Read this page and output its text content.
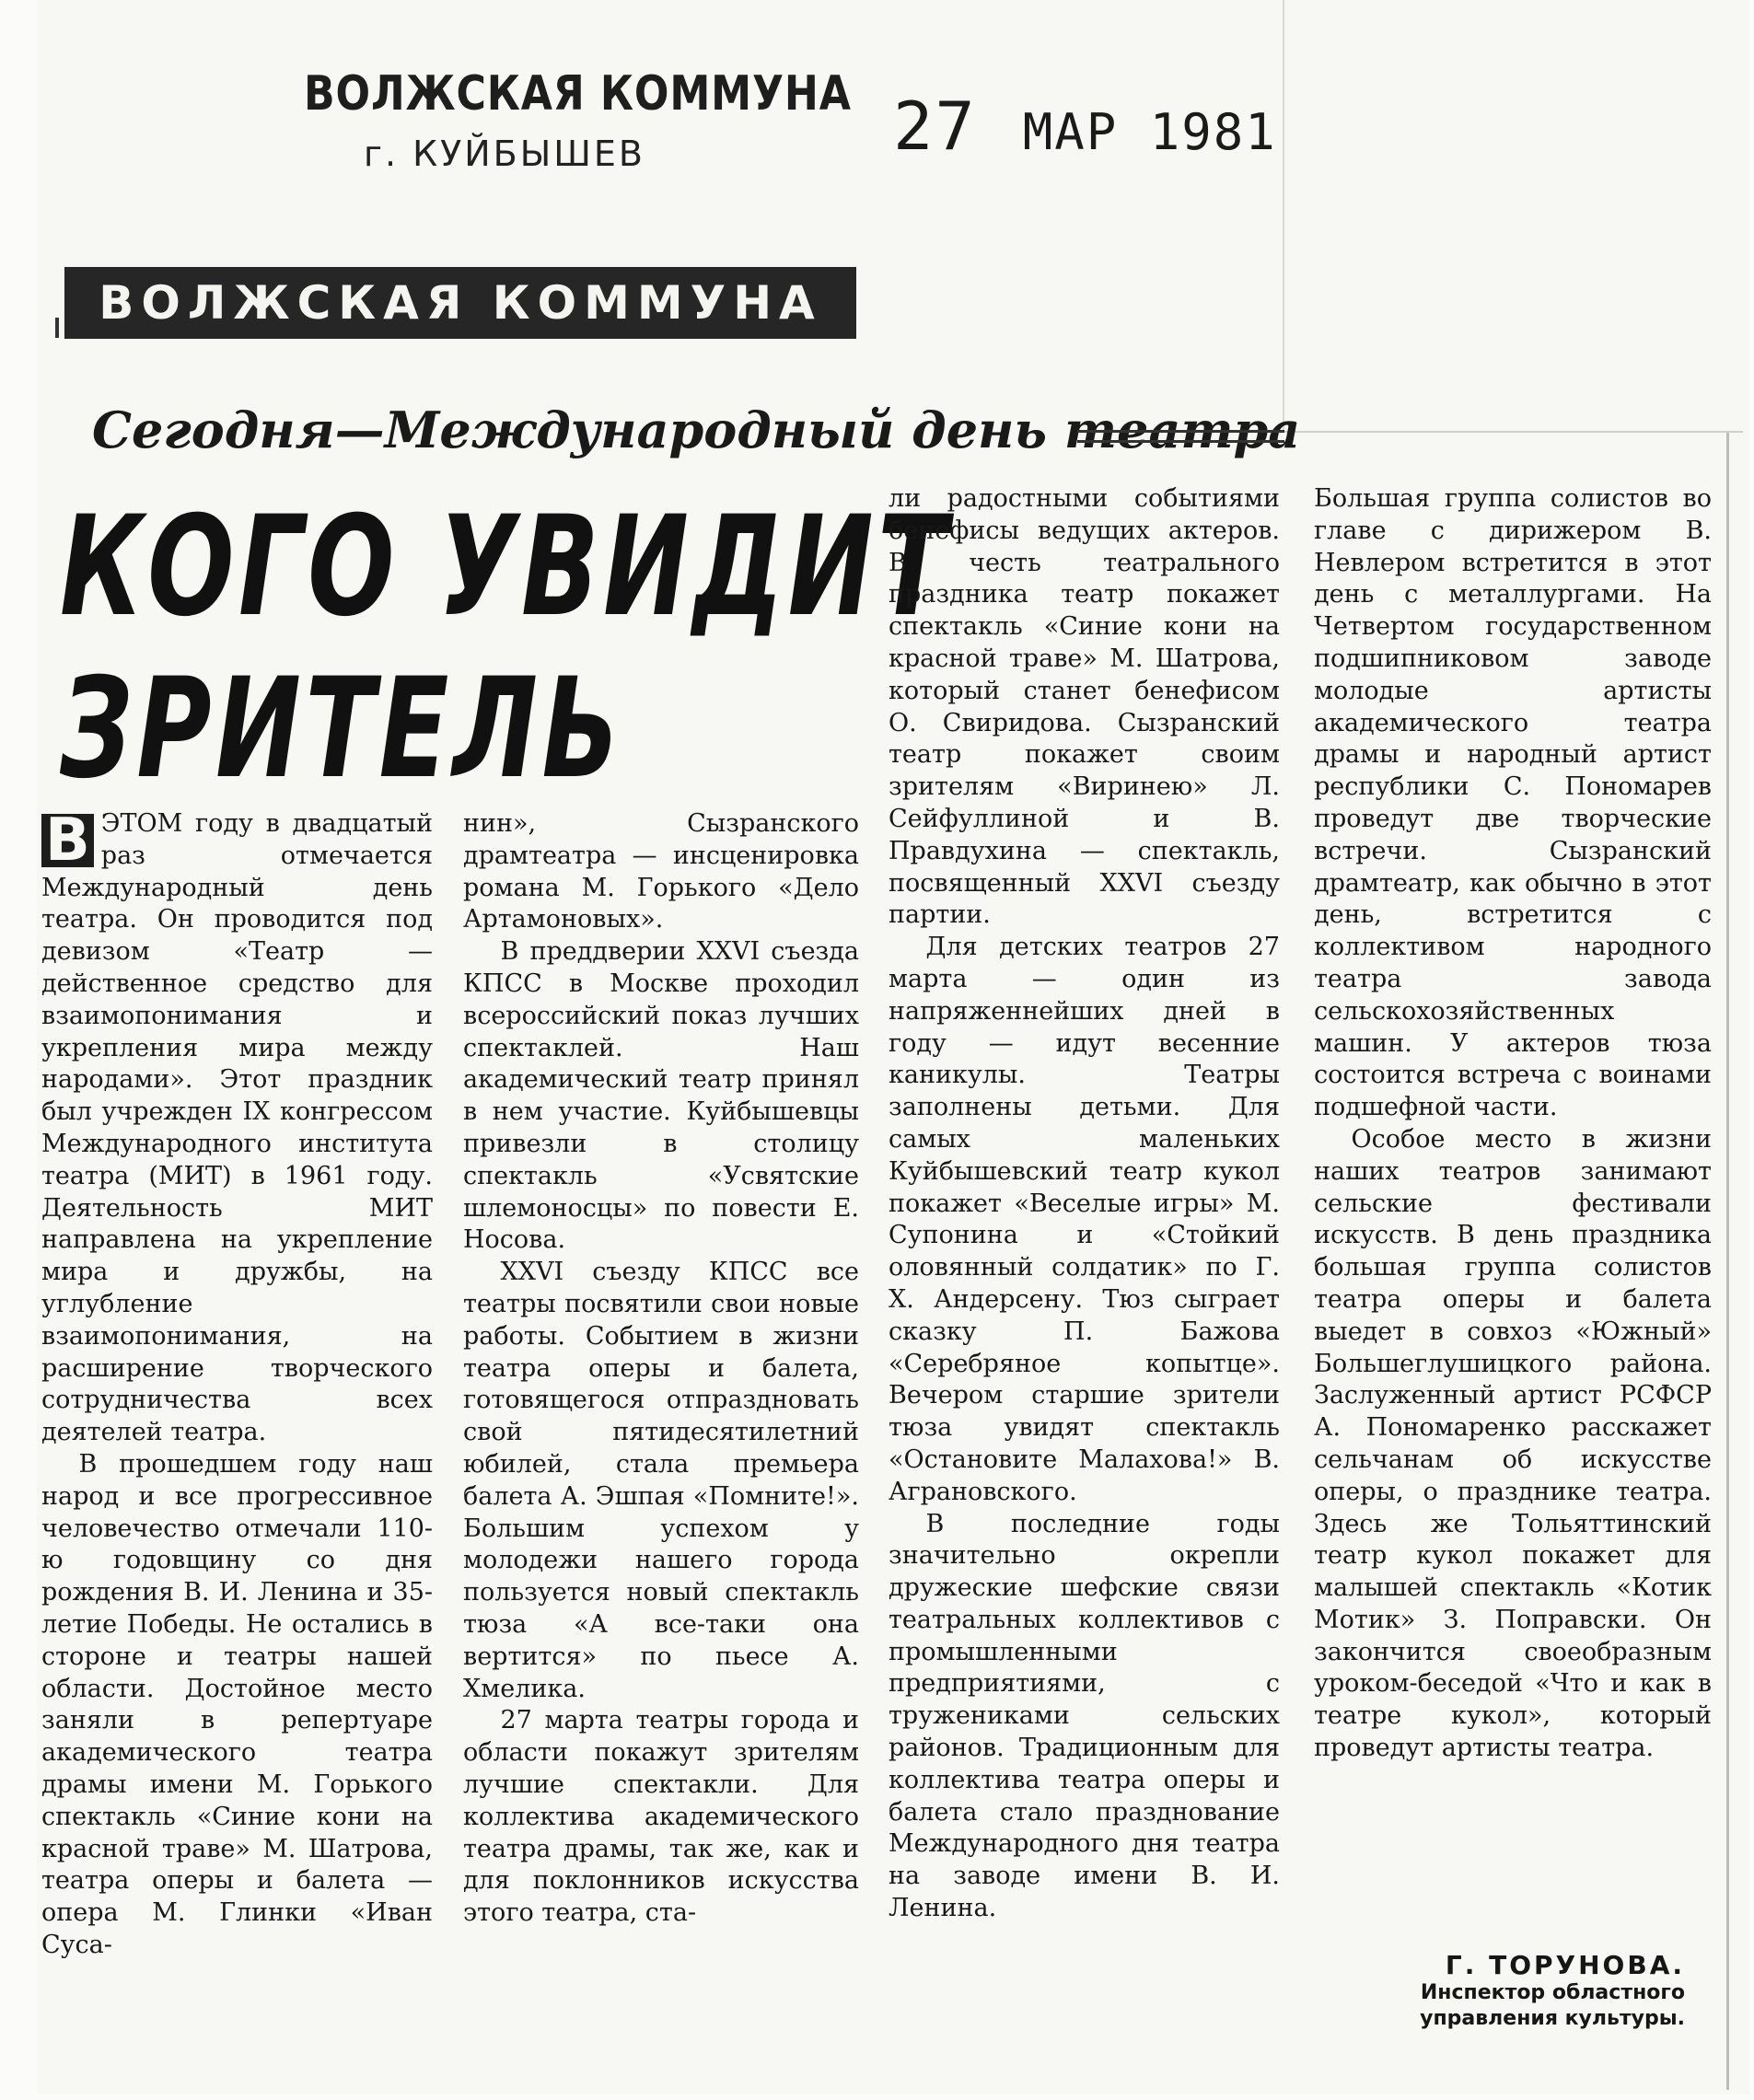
ВОЛЖСКАЯ КОММУНА
г. КУЙБЫШЕВ	27 МАР 1981
ВОЛЖСКАЯ КОММУНА
Сегодня—Международный день театра
КОГО УВИДИТ
ЗРИТЕЛЬ

В ЭТОМ году в двадцатый раз отмечается Международный день театра. Он проводится под девизом «Театр — действенное средство для взаимопонимания и укрепления мира между народами». Этот праздник был учрежден IX конгрессом Международного института театра (МИТ) в 1961 году. Деятельность МИТ направлена на укрепление мира и дружбы, на углубление взаимопонимания, на расширение творческого сотрудничества всех деятелей театра.

В прошедшем году наш народ и все прогрессивное человечество отмечали 110-ю годовщину со дня рождения В. И. Ленина и 35-летие Победы. Не остались в стороне и театры нашей области. Достойное место заняли в репертуаре академического театра драмы имени М. Горького спектакль «Синие кони на красной траве» М. Шатрова, театра оперы и балета — опера М. Глинки «Иван Суса-

нин», Сызранского драмтеатра — инсценировка романа М. Горького «Дело Артамоновых».

В преддверии XXVI съезда КПСС в Москве проходил всероссийский показ лучших спектаклей. Наш академический театр принял в нем участие. Куйбышевцы привезли в столицу спектакль «Усвятские шлемоносцы» по повести Е. Носова.

XXVI съезду КПСС все театры посвятили свои новые работы. Событием в жизни театра оперы и балета, готовящегося отпраздновать свой пятидесятилетний юбилей, стала премьера балета А. Эшпая «Помните!». Большим успехом у молодежи нашего города пользуется новый спектакль тюза «А все-таки она вертится» по пьесе А. Хмелика.

27 марта театры города и области покажут зрителям лучшие спектакли. Для коллектива академического театра драмы, так же, как и для поклонников искусства этого театра, ста-

ли радостными событиями бенефисы ведущих актеров. В честь театрального праздника театр покажет спектакль «Синие кони на красной траве» М. Шатрова, который станет бенефисом О. Свиридова. Сызранский театр покажет своим зрителям «Виринею» Л. Сейфуллиной и В. Правдухина — спектакль, посвященный XXVI съезду партии.

Для детских театров 27 марта — один из напряженнейших дней в году — идут весенние каникулы. Театры заполнены детьми. Для самых маленьких Куйбышевский театр кукол покажет «Веселые игры» М. Супонина и «Стойкий оловянный солдатик» по Г. Х. Андерсену. Тюз сыграет сказку П. Бажова «Серебряное копытце». Вечером старшие зрители тюза увидят спектакль «Остановите Малахова!» В. Аграновского.

В последние годы значительно окрепли дружеские шефские связи театральных коллективов с промышленными предприятиями, с тружениками сельских районов. Традиционным для коллектива театра оперы и балета стало празднование Международного дня театра на заводе имени В. И. Ленина.

Большая группа солистов во главе с дирижером В. Невлером встретится в этот день с металлургами. На Четвертом государственном подшипниковом заводе молодые артисты академического театра драмы и народный артист республики С. Пономарев проведут две творческие встречи. Сызранский драмтеатр, как обычно в этот день, встретится с коллективом народного театра завода сельскохозяйственных машин. У актеров тюза состоится встреча с воинами подшефной части.

Особое место в жизни наших театров занимают сельские фестивали искусств. В день праздника большая группа солистов театра оперы и балета выедет в совхоз «Южный» Большеглушицкого района. Заслуженный артист РСФСР А. Пономаренко расскажет сельчанам об искусстве оперы, о празднике театра. Здесь же Тольяттинский театр кукол покажет для малышей спектакль «Котик Мотик» З. Поправски. Он закончится своеобразным уроком-беседой «Что и как в театре кукол», который проведут артисты театра.

Г. ТОРУНОВА.
Инспектор областного управления культуры.
